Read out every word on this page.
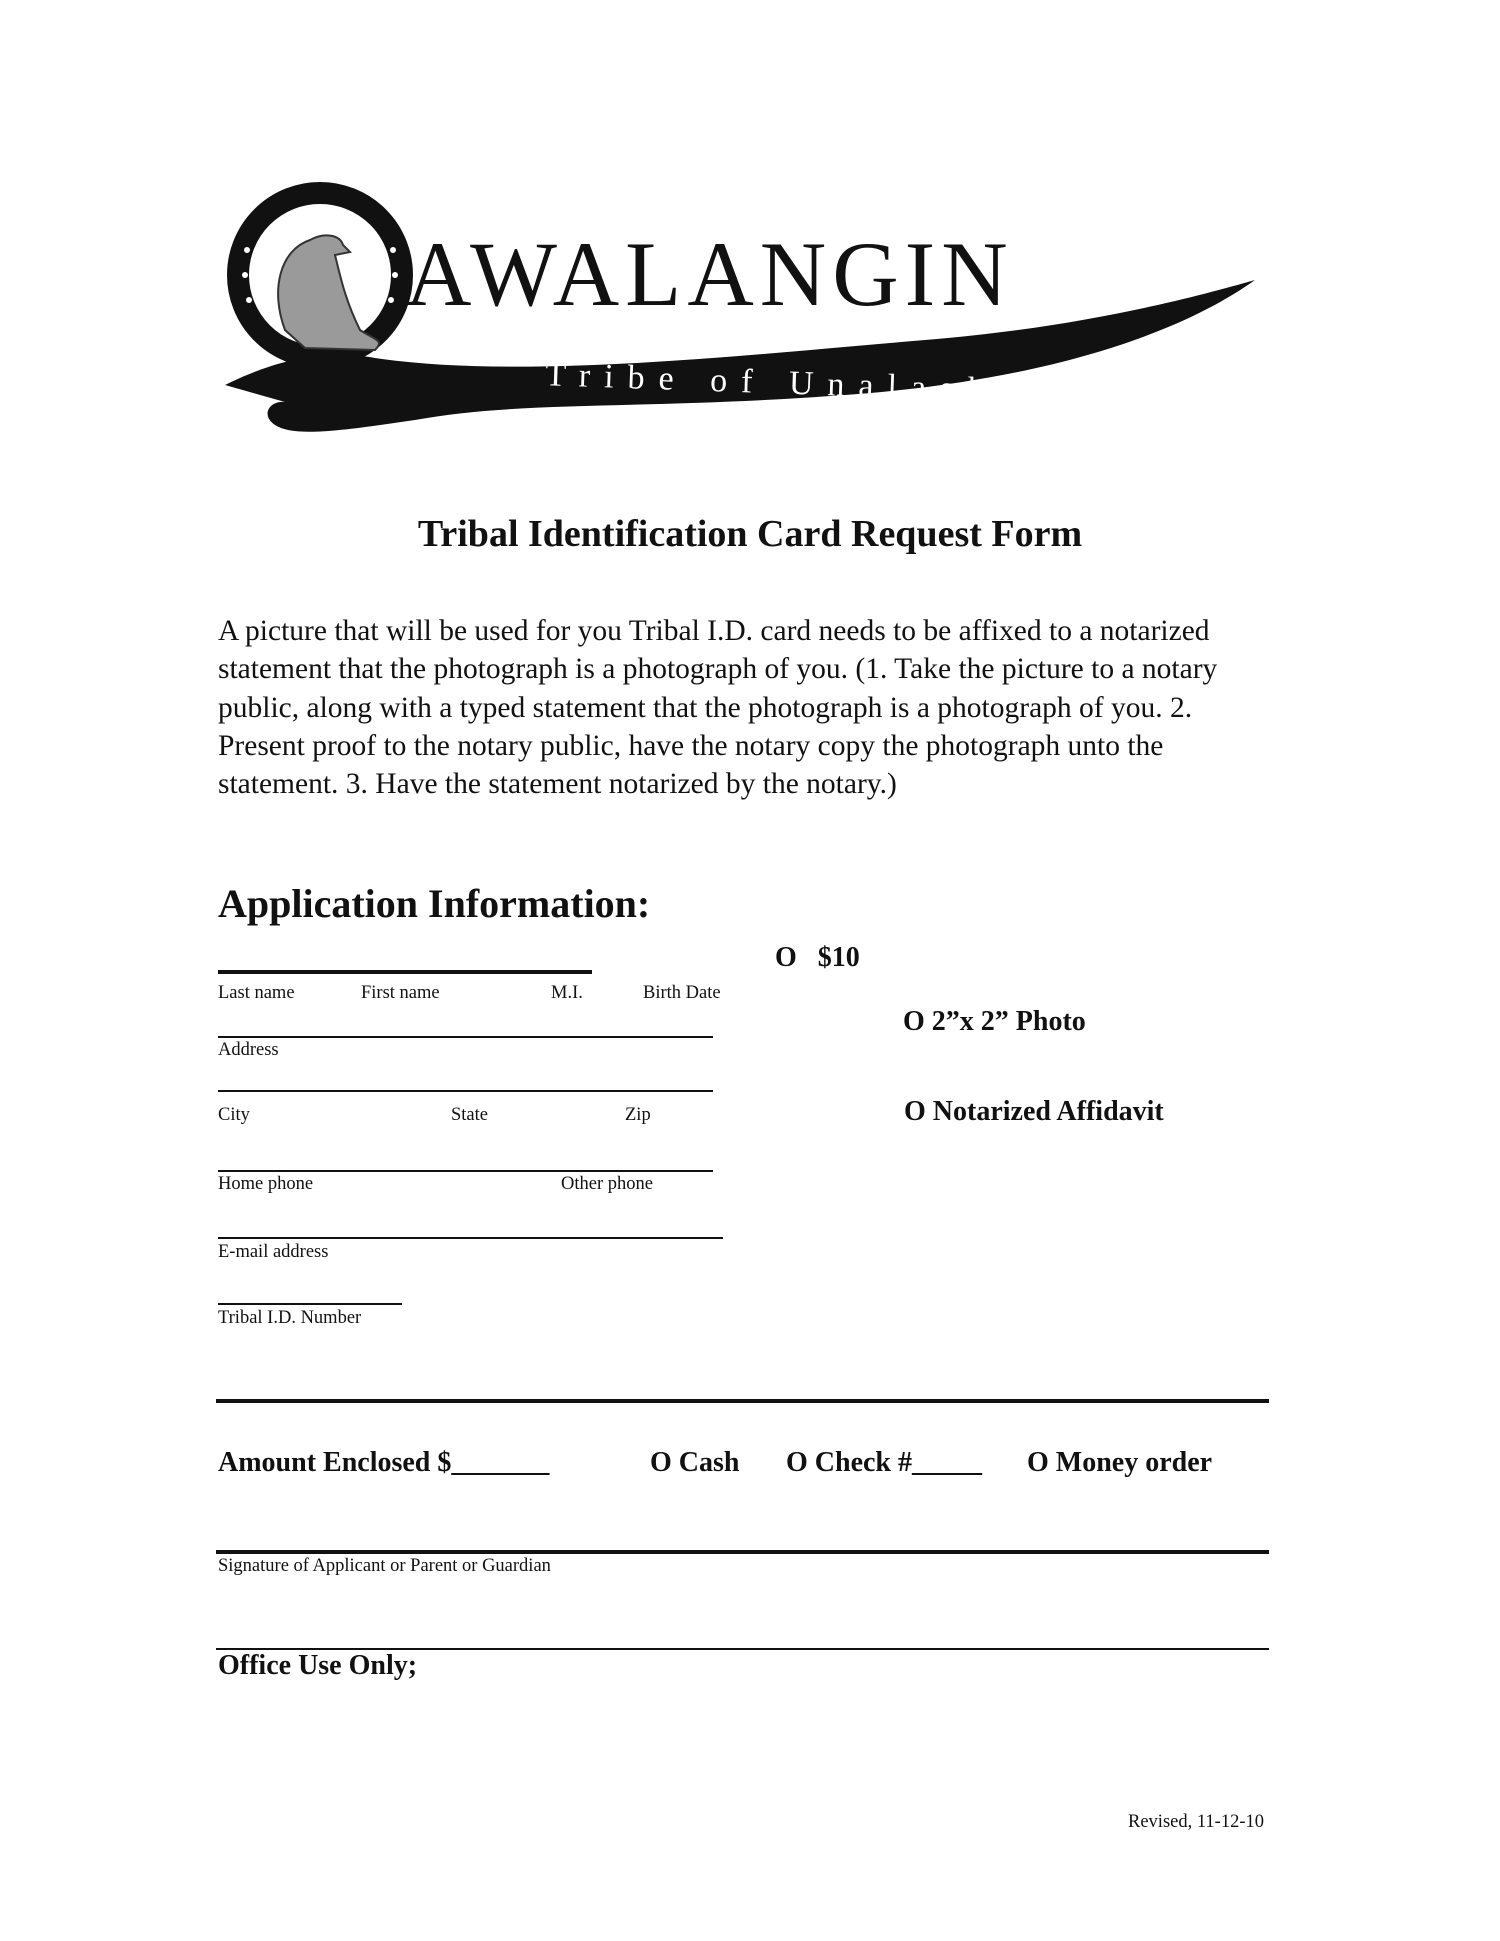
AWALANGIN
Tribe of Unalaska
Tribal Identification Card Request Form
A picture that will be used for you Tribal I.D. card needs to be affixed to a notarized statement that the photograph is a photograph of you. (1. Take the picture to a notary public, along with a typed statement that the photograph is a photograph of you. 2. Present proof to the notary public, have the notary copy the photograph unto the statement. 3. Have the statement notarized by the notary.)
Application Information:
Last name	First name	M.I.	Birth Date
Address
City	State	Zip
Home phone	Other phone
E-mail address
Tribal I.D. Number
O   $10
O 2”x 2” Photo
O Notarized Affidavit
Amount Enclosed $_______	O Cash O Check #_____ O Money order
Signature of Applicant or Parent or Guardian
Office Use Only;
Revised, 11-12-10
